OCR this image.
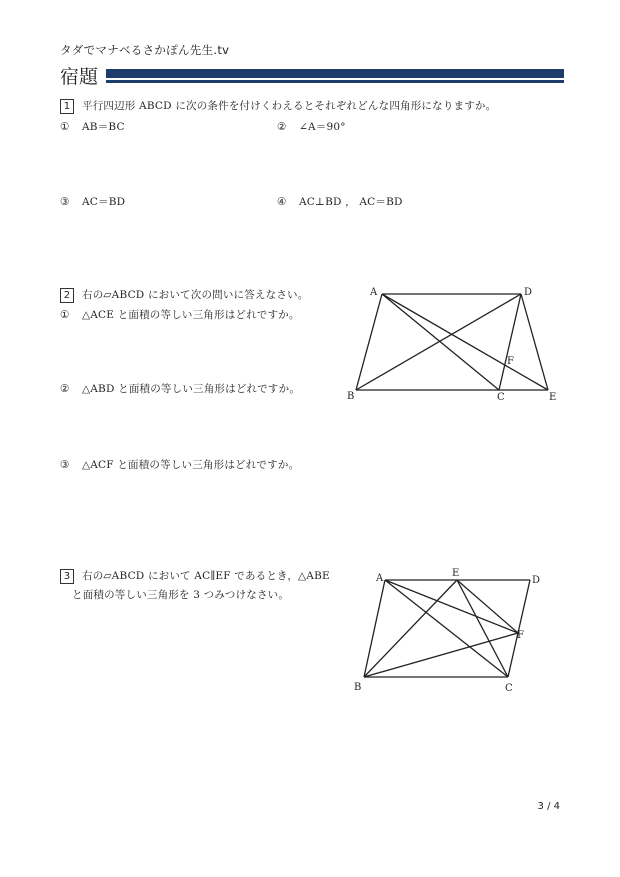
タダでマナベるさかぽん先生.tv
宿題
1 平行四辺形 ABCD に次の条件を付けくわえるとそれぞれどんな四角形になりますか。
① AB＝BC	② ∠A＝90°
③ AC＝BD	④ AC⊥BD ， AC＝BD
2 右の▱ABCD において次の問いに答えなさい。
① △ACE と面積の等しい三角形はどれですか。
② △ABD と面積の等しい三角形はどれですか。
③ △ACF と面積の等しい三角形はどれですか。
A	D
B	C	E
F
3 右の▱ABCD において AC∥EF であるとき，△ABE
と面積の等しい三角形を 3 つみつけなさい。
A	E
D
F
B	C
3 / 4
